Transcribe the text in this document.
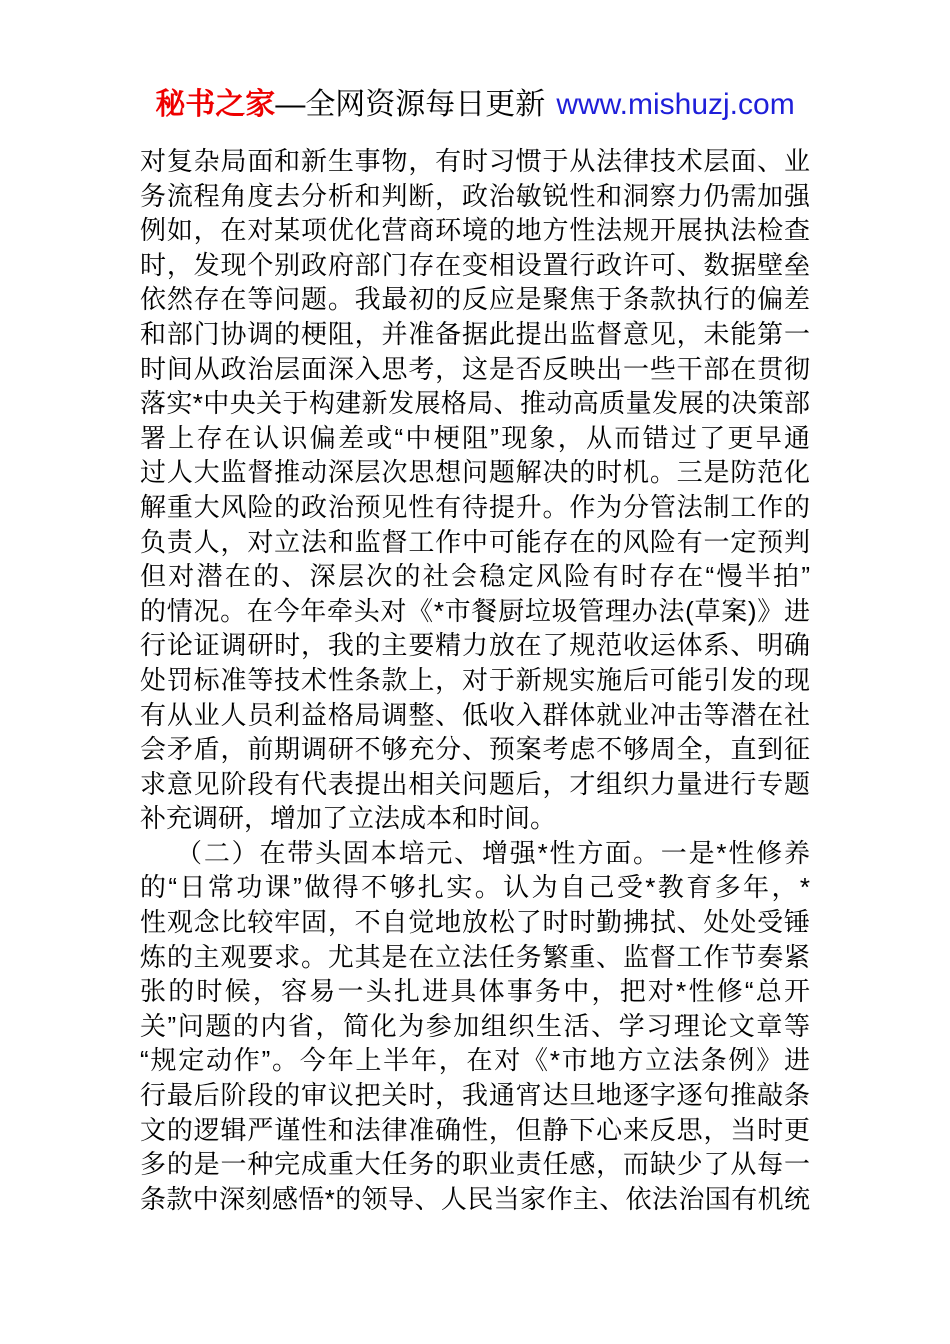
秘书之家—全网资源每日更新 www.mishuzj.com
对复杂局面和新生事物，有时习惯于从法律技术层面、业
务流程角度去分析和判断，政治敏锐性和洞察力仍需加强
例如，在对某项优化营商环境的地方性法规开展执法检查
时，发现个别政府部门存在变相设置行政许可、数据壁垒
依然存在等问题。我最初的反应是聚焦于条款执行的偏差
和部门协调的梗阻，并准备据此提出监督意见，未能第一
时间从政治层面深入思考，这是否反映出一些干部在贯彻
落实*中央关于构建新发展格局、推动高质量发展的决策部
署上存在认识偏差或“中梗阻”现象，从而错过了更早通
过人大监督推动深层次思想问题解决的时机。三是防范化
解重大风险的政治预见性有待提升。作为分管法制工作的
负责人，对立法和监督工作中可能存在的风险有一定预判
但对潜在的、深层次的社会稳定风险有时存在“慢半拍”
的情况。在今年牵头对《*市餐厨垃圾管理办法(草案)》进
行论证调研时，我的主要精力放在了规范收运体系、明确
处罚标准等技术性条款上，对于新规实施后可能引发的现
有从业人员利益格局调整、低收入群体就业冲击等潜在社
会矛盾，前期调研不够充分、预案考虑不够周全，直到征
求意见阶段有代表提出相关问题后，才组织力量进行专题
补充调研，增加了立法成本和时间。
（二）在带头固本培元、增强*性方面。一是*性修养
的“日常功课”做得不够扎实。认为自己受*教育多年，*
性观念比较牢固，不自觉地放松了时时勤拂拭、处处受锤
炼的主观要求。尤其是在立法任务繁重、监督工作节奏紧
张的时候，容易一头扎进具体事务中，把对*性修“总开
关”问题的内省，简化为参加组织生活、学习理论文章等
“规定动作”。今年上半年，在对《*市地方立法条例》进
行最后阶段的审议把关时，我通宵达旦地逐字逐句推敲条
文的逻辑严谨性和法律准确性，但静下心来反思，当时更
多的是一种完成重大任务的职业责任感，而缺少了从每一
条款中深刻感悟*的领导、人民当家作主、依法治国有机统
